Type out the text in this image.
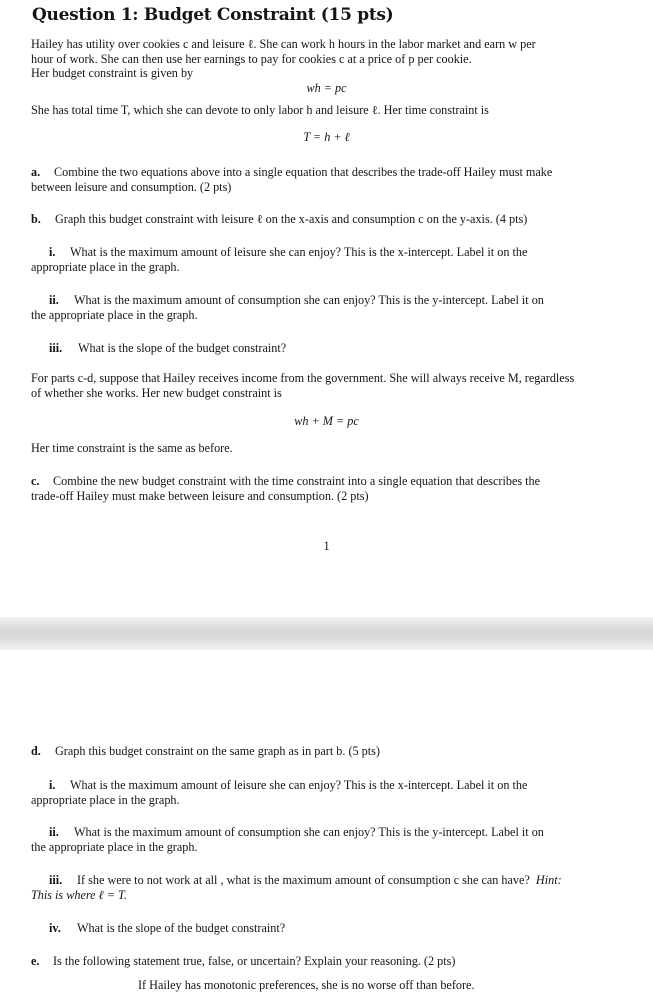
Question 1: Budget Constraint (15 pts)
Hailey has utility over cookies c and leisure ℓ. She can work h hours in the labor market and earn w per
hour of work. She can then use her earnings to pay for cookies c at a price of p per cookie.
Her budget constraint is given by
wh = pc
She has total time T, which she can devote to only labor h and leisure ℓ. Her time constraint is
T = h + ℓ
a. Combine the two equations above into a single equation that describes the trade-off Hailey must make
between leisure and consumption. (2 pts)
b. Graph this budget constraint with leisure ℓ on the x-axis and consumption c on the y-axis. (4 pts)
i. What is the maximum amount of leisure she can enjoy? This is the x-intercept. Label it on the
appropriate place in the graph.
ii. What is the maximum amount of consumption she can enjoy? This is the y-intercept. Label it on
the appropriate place in the graph.
iii. What is the slope of the budget constraint?
For parts c-d, suppose that Hailey receives income from the government. She will always receive M, regardless
of whether she works. Her new budget constraint is
wh + M = pc
Her time constraint is the same as before.
c. Combine the new budget constraint with the time constraint into a single equation that describes the
trade-off Hailey must make between leisure and consumption. (2 pts)
1
d. Graph this budget constraint on the same graph as in part b. (5 pts)
i. What is the maximum amount of leisure she can enjoy? This is the x-intercept. Label it on the
appropriate place in the graph.
ii. What is the maximum amount of consumption she can enjoy? This is the y-intercept. Label it on
the appropriate place in the graph.
iii. If she were to not work at all , what is the maximum amount of consumption c she can have? Hint:
This is where ℓ = T.
iv. What is the slope of the budget constraint?
e. Is the following statement true, false, or uncertain? Explain your reasoning. (2 pts)
If Hailey has monotonic preferences, she is no worse off than before.
